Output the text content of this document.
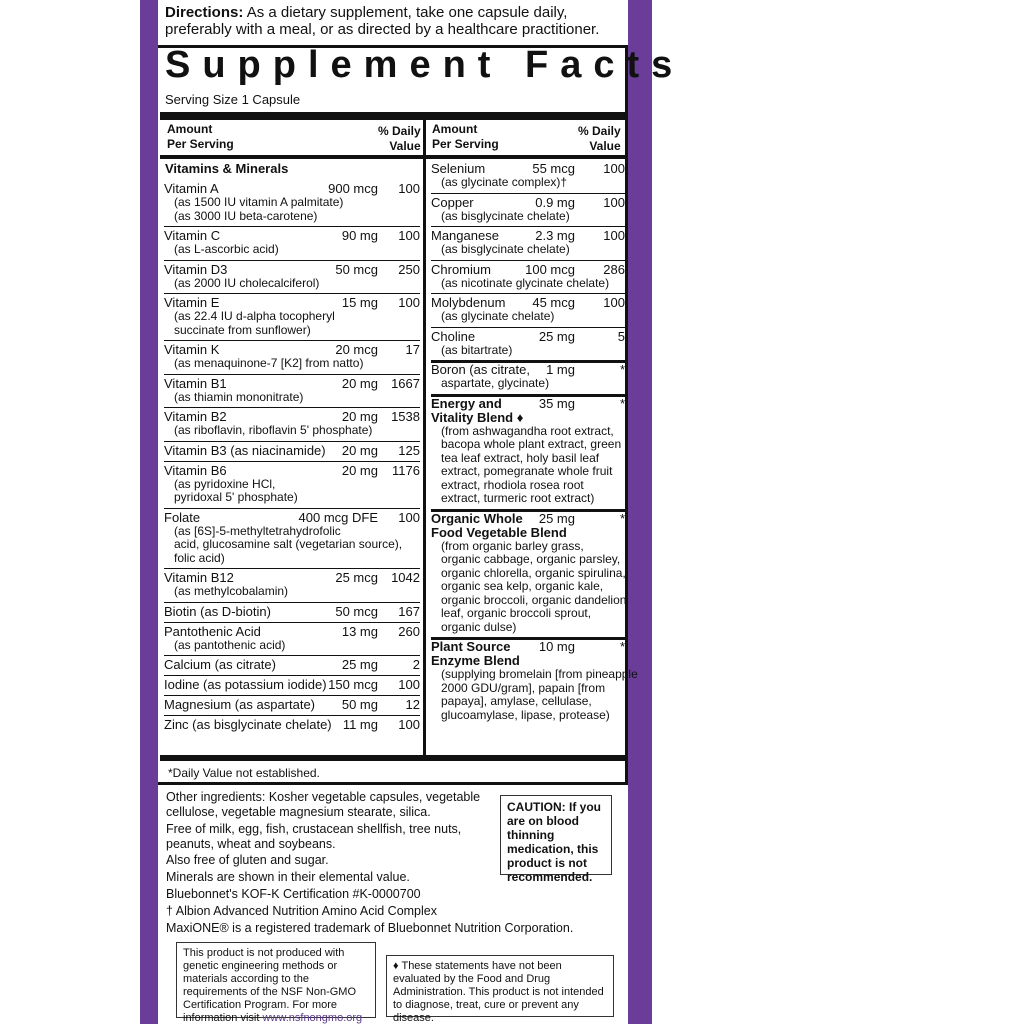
Directions: As a dietary supplement, take one capsule daily, preferably with a meal, or as directed by a healthcare practitioner.
Supplement Facts
Serving Size 1 Capsule
Amount
Per Serving
% Daily
Value
Amount
Per Serving
% Daily
Value
Vitamins & Minerals
Vitamin A	900 mcg 100
(as 1500 IU vitamin A palmitate)
(as 3000 IU beta-carotene)
Vitamin C	90 mg 100
(as L-ascorbic acid)
Vitamin D3	50 mcg 250
(as 2000 IU cholecalciferol)
Vitamin E	15 mg 100
(as 22.4 IU d-alpha tocopheryl
succinate from sunflower)
Vitamin K	20 mcg 17
(as menaquinone-7 [K2] from natto)
Vitamin B1	20 mg 1667
(as thiamin mononitrate)
Vitamin B2	20 mg 1538
(as riboflavin, riboflavin 5' phosphate)
Vitamin B3 (as niacinamide) 20 mg 125
Vitamin B6	20 mg 1176
(as pyridoxine HCl,
pyridoxal 5' phosphate)
Folate	400 mcg DFE 100
(as [6S]-5-methyltetrahydrofolic
acid, glucosamine salt (vegetarian source),
folic acid)
Vitamin B12	25 mcg 1042
(as methylcobalamin)
Biotin (as D-biotin)	50 mcg 167
Pantothenic Acid	13 mg 260
(as pantothenic acid)
Calcium (as citrate)	25 mg	2
Iodine (as potassium iodide) 150 mcg 100
Magnesium (as aspartate) 50 mg 12
Zinc (as bisglycinate chelate) 11 mg 100
Selenium	55 mcg 100
(as glycinate complex)†
Copper	0.9 mg 100
(as bisglycinate chelate)
Manganese	2.3 mg 100
(as bisglycinate chelate)
Chromium	100 mcg 286
(as nicotinate glycinate chelate)
Molybdenum 45 mcg 100
(as glycinate chelate)
Choline	25 mg	5
(as bitartrate)
Boron (as citrate, 1 mg	*
aspartate, glycinate)
Energy and
Vitality Blend ♦
35 mg	*
(from ashwagandha root extract,
bacopa whole plant extract, green
tea leaf extract, holy basil leaf
extract, pomegranate whole fruit
extract, rhodiola rosea root
extract, turmeric root extract)
Organic Whole
Food Vegetable Blend
25 mg	*
(from organic barley grass,
organic cabbage, organic parsley,
organic chlorella, organic spirulina,
organic sea kelp, organic kale,
organic broccoli, organic dandelion
leaf, organic broccoli sprout,
organic dulse)
Plant Source
Enzyme Blend
10 mg	*
(supplying bromelain [from pineapple
2000 GDU/gram], papain [from
papaya], amylase, cellulase,
glucoamylase, lipase, protease)
*Daily Value not established.
Other ingredients: Kosher vegetable capsules, vegetable cellulose, vegetable magnesium stearate, silica.
Free of milk, egg, fish, crustacean shellfish, tree nuts, peanuts, wheat and soybeans.
Also free of gluten and sugar.
Minerals are shown in their elemental value.
Bluebonnet's KOF-K Certification #K-0000700
† Albion Advanced Nutrition Amino Acid Complex
MaxiONE® is a registered trademark of Bluebonnet Nutrition Corporation.
CAUTION: If you are on blood thinning medication, this product is not recommended.
This product is not produced with genetic engineering methods or materials according to the requirements of the NSF Non-GMO Certification Program. For more information visit www.nsfnongmo.org
♦ These statements have not been evaluated by the Food and Drug Administration. This product is not intended to diagnose, treat, cure or prevent any disease.
